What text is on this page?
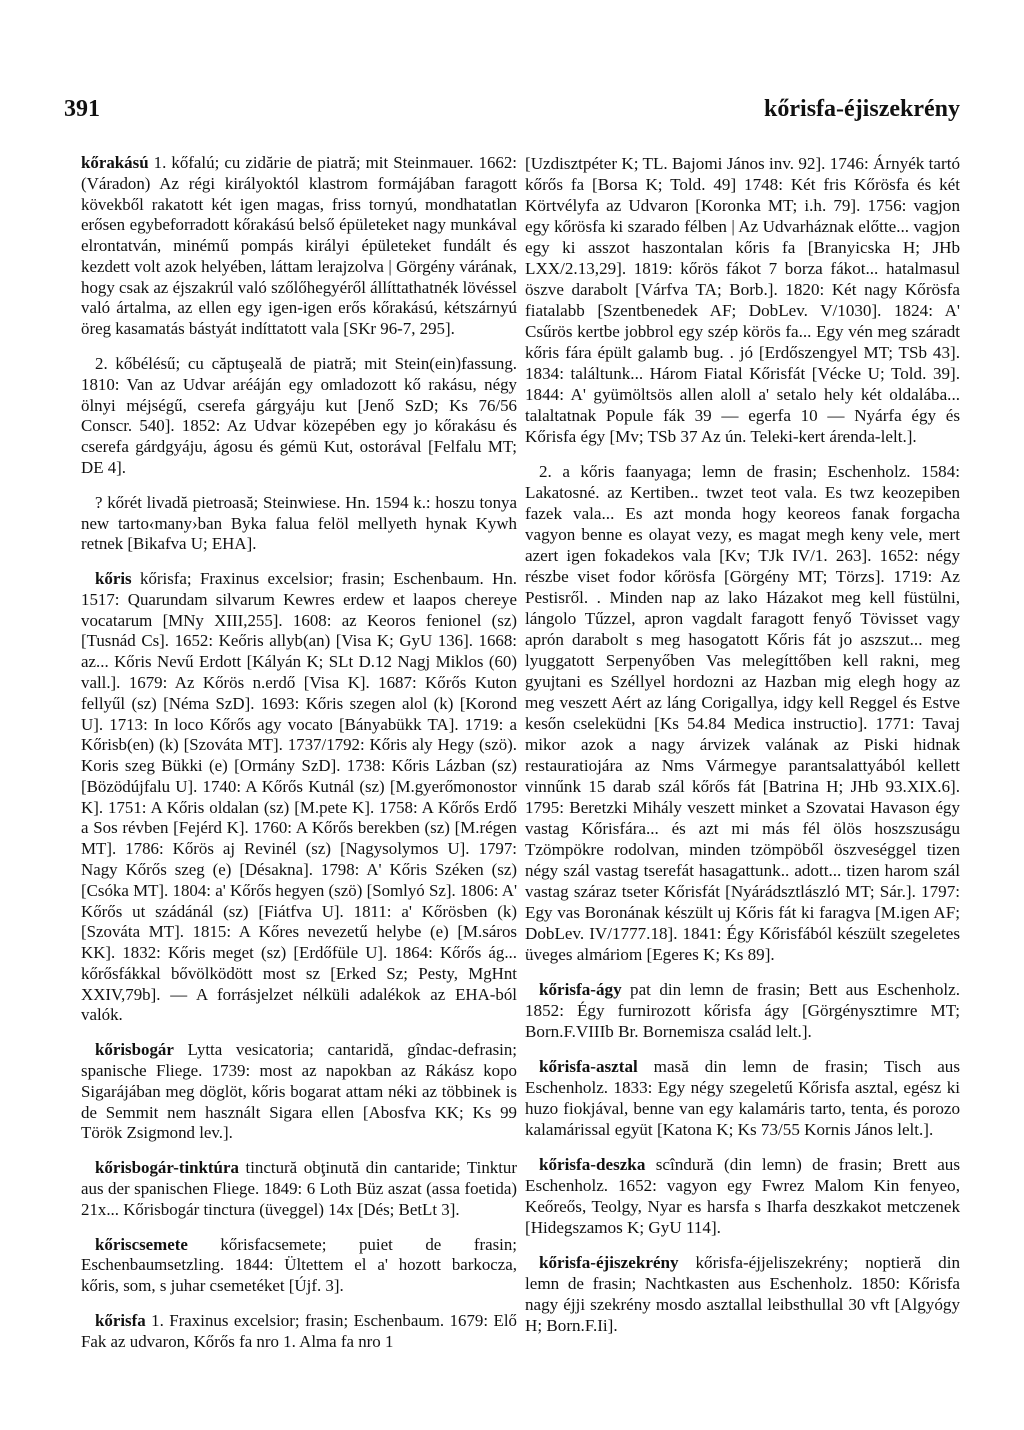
391	kőrisfa-éjiszekrény

kőrakású 1. kőfalú; cu zidărie de piatră; mit Steinmauer. 1662: (Váradon) Az régi királyoktól klastrom formájában faragott kövekből rakatott két igen magas, friss tornyú, mondhatatlan erősen egybeforradott kőrakású belső épületeket nagy munkával elrontatván, minémű pompás királyi épületeket fundált és kezdett volt azok helyében, láttam lerajzolva | Görgény várának, hogy csak az éjszakrúl való szőlőhegyéről állíttathatnék lövéssel való ártalma, az ellen egy igen-igen erős kőrakású, kétszárnyú öreg kasamatás bástyát indíttatott vala [SKr 96-7, 295].

2. kőbélésű; cu căptuşeală de piatră; mit Stein(ein)fassung. 1810: Van az Udvar aréáján egy omladozott kő rakásu, négy ölnyi méjségű, cserefa gárgyáju kut [Jenő SzD; Ks 76/56 Conscr. 540]. 1852: Az Udvar közepében egy jo kőrakásu és cserefa gárdgyáju, ágosu és gémü Kut, ostorával [Felfalu MT; DE 4].

? kőrét livadă pietroasă; Steinwiese. Hn. 1594 k.: hoszu tonya new tarto‹many›ban Byka falua felöl mellyeth hynak Kywh retnek [Bikafva U; EHA].

kőris kőrisfa; Fraxinus excelsior; frasin; Eschenbaum. Hn. 1517: Quarundam silvarum Kewres erdew et laapos chereye vocatarum [MNy XIII,255]. 1608: az Keoros fenionel (sz) [Tusnád Cs]. 1652: Keőris allyb(an) [Visa K; GyU 136]. 1668: az... Kőris Nevű Erdott [Kályán K; SLt D.12 Nagj Miklos (60) vall.]. 1679: Az Kőrös n.erdő [Visa K]. 1687: Kőrős Kuton fellyűl (sz) [Néma SzD]. 1693: Kőris szegen alol (k) [Korond U]. 1713: In loco Kőrős agy vocato [Bányabükk TA]. 1719: a Kőrisb(en) (k) [Szováta MT]. 1737/1792: Kőris aly Hegy (szö). Koris szeg Bükki (e) [Ormány SzD]. 1738: Kőris Lázban (sz) [Bözödújfalu U]. 1740: A Kőrős Kutnál (sz) [M.gyerőmonostor K]. 1751: A Kőris oldalan (sz) [M.pete K]. 1758: A Kőrős Erdő a Sos révben [Fejérd K]. 1760: A Kőrős berekben (sz) [M.régen MT]. 1786: Kőrös aj Revinél (sz) [Nagysolymos U]. 1797: Nagy Kőrős szeg (e) [Désakna]. 1798: A' Kőris Széken (sz) [Csóka MT]. 1804: a' Kőrős hegyen (szö) [Somlyó Sz]. 1806: A' Kőrős ut szádánál (sz) [Fiátfva U]. 1811: a' Kőrösben (k) [Szováta MT]. 1815: A Kőres nevezetű helybe (e) [M.sáros KK]. 1832: Kőris meget (sz) [Erdőfüle U]. 1864: Kőrős ág... kőrősfákkal bővölködött most sz [Erked Sz; Pesty, MgHnt XXIV,79b]. — A forrásjelzet nélküli adalékok az EHA-ból valók.

kőrisbogár Lytta vesicatoria; cantaridă, gîndac-defrasin; spanische Fliege. 1739: most az napokban az Rákász kopo Sigarájában meg döglöt, kőris bogarat attam néki az többinek is de Semmit nem használt Sigara ellen [Abosfva KK; Ks 99 Török Zsigmond lev.].

kőrisbogár-tinktúra tinctură obţinută din cantaride; Tinktur aus der spanischen Fliege. 1849: 6 Loth Büz aszat (assa foetida) 21x... Kőrisbogár tinctura (üveggel) 14x [Dés; BetLt 3].

kőriscsemete kőrisfacsemete; puiet de frasin; Eschenbaumsetzling. 1844: Ültettem el a' hozott barkocza, kőris, som, s juhar csemetéket [Újf. 3].

kőrisfa 1. Fraxinus excelsior; frasin; Eschenbaum. 1679: Elő Fak az udvaron, Kőrős fa nro 1. Alma fa nro 1

[Uzdisztpéter K; TL. Bajomi János inv. 92]. 1746: Árnyék tartó kőrős fa [Borsa K; Told. 49] 1748: Két fris Kőrösfa és két Körtvélyfa az Udvaron [Koronka MT; i.h. 79]. 1756: vagjon egy kőrösfa ki szarado félben | Az Udvarháznak előtte... vagjon egy ki asszot haszontalan kőris fa [Branyicska H; JHb LXX/2.13,29]. 1819: kőrös fákot 7 borza fákot... hatalmasul öszve darabolt [Várfva TA; Borb.]. 1820: Két nagy Kőrösfa fiatalabb [Szentbenedek AF; DobLev. V/1030]. 1824: A' Csűrös kertbe jobbrol egy szép körös fa... Egy vén meg száradt kőris fára épült galamb bug. . jó [Erdőszengyel MT; TSb 43]. 1834: találtunk... Három Fiatal Kőrisfát [Vécke U; Told. 39]. 1844: A' gyümöltsös allen aloll a' setalo hely két oldalába... talaltatnak Popule fák 39 — egerfa 10 — Nyárfa égy és Kőrisfa égy [Mv; TSb 37 Az ún. Teleki-kert árenda-lelt.].

2. a kőris faanyaga; lemn de frasin; Eschenholz. 1584: Lakatosné. az Kertiben.. twzet teot vala. Es twz keozepiben fazek vala... Es azt monda hogy keoreos fanak forgacha vagyon benne es olayat vezy, es magat megh keny vele, mert azert igen fokadekos vala [Kv; TJk IV/1. 263]. 1652: négy részbe viset fodor kőrösfa [Görgény MT; Törzs]. 1719: Az Pestisről. . Minden nap az lako Házakot meg kell füstülni, lángolo Tűzzel, apron vagdalt faragott fenyő Tövisset vagy aprón darabolt s meg hasogatott Kőris fát jo aszszut... meg lyuggatott Serpenyőben Vas melegíttőben kell rakni, meg gyujtani es Széllyel hordozni az Hazban mig elegh hogy az meg veszett Aért az láng Corigallya, idgy kell Reggel és Estve kesőn cseleküdni [Ks 54.84 Medica instructio]. 1771: Tavaj mikor azok a nagy árvizek valának az Piski hidnak restauratiojára az Nms Vármegye parantsalattyából kellett vinnűnk 15 darab szál kőrős fát [Batrina H; JHb 93.XIX.6]. 1795: Beretzki Mihály veszett minket a Szovatai Havason égy vastag Kőrisfára... és azt mi más fél ölös hoszszuságu Tzömpökre rodolvan, minden tzömpöből öszveséggel tizen négy szál vastag tserefát hasagattunk.. adott... tizen harom szál vastag száraz tseter Kőrisfát [Nyárádsztlászló MT; Sár.]. 1797: Egy vas Boronának készült uj Kőris fát ki faragva [M.igen AF; DobLev. IV/1777.18]. 1841: Égy Kőrisfából készült szegeletes üveges almáriom [Egeres K; Ks 89].

kőrisfa-ágy pat din lemn de frasin; Bett aus Eschenholz. 1852: Égy furnirozott kőrisfa ágy [Görgénysztimre MT; Born.F.VIIIb Br. Bornemisza család lelt.].

kőrisfa-asztal masă din lemn de frasin; Tisch aus Eschenholz. 1833: Egy négy szegeletű Kőrisfa asztal, egész ki huzo fiokjával, benne van egy kalamáris tarto, tenta, és porozo kalamárissal együt [Katona K; Ks 73/55 Kornis János lelt.].

kőrisfa-deszka scîndură (din lemn) de frasin; Brett aus Eschenholz. 1652: vagyon egy Fwrez Malom Kin fenyeo, Keőreős, Teolgy, Nyar es harsfa s Iharfa deszkakot metczenek [Hidegszamos K; GyU 114].

kőrisfa-éjiszekrény kőrisfa-éjjeliszekrény; noptieră din lemn de frasin; Nachtkasten aus Eschenholz. 1850: Kőrisfa nagy éjji szekrény mosdo asztallal leibsthullal 30 vft [Algyógy H; Born.F.Ii].
